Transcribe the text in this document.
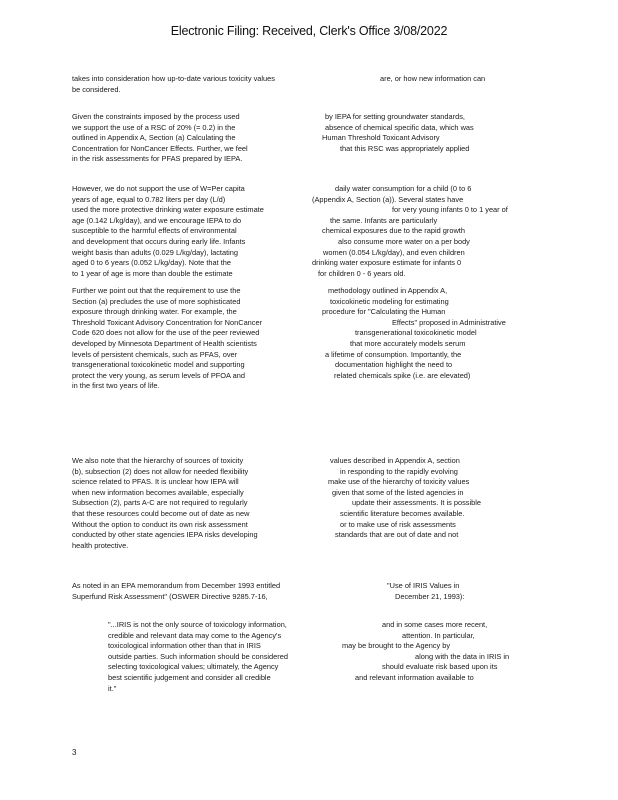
Electronic Filing: Received, Clerk's Office 3/08/2022
takes into consideration how up-to-date various toxicity values	are, or how new information can
be considered.
Given the constraints imposed by the process used	by IEPA for setting groundwater standards,
we support the use of a RSC of 20% (= 0.2) in the	absence of chemical specific data, which was
outlined in Appendix A, Section (a) Calculating the	Human Threshold Toxicant Advisory
Concentration for NonCancer Effects. Further, we feel	that this RSC was appropriately applied
in the risk assessments for PFAS prepared by IEPA.
However, we do not support the use of W=Per capita	daily water consumption for a child (0 to 6
years of age, equal to 0.782 liters per day (L/d)	(Appendix A, Section (a)). Several states have
used the more protective drinking water exposure estimate	for very young infants 0 to 1 year of
age (0.142 L/kg/day), and we encourage IEPA to do	the same. Infants are particularly
susceptible to the harmful effects of environmental	chemical exposures due to the rapid growth
and development that occurs during early life. Infants	also consume more water on a per body
weight basis than adults (0.029 L/kg/day), lactating	women (0.054 L/kg/day), and even children
aged 0 to 6 years (0.052 L/kg/day). Note that the	drinking water exposure estimate for infants 0
to 1 year of age is more than double the estimate	for children 0 - 6 years old.
Further we point out that the requirement to use the	methodology outlined in Appendix A,
Section (a) precludes the use of more sophisticated	toxicokinetic modeling for estimating
exposure through drinking water. For example, the	procedure for "Calculating the Human
Threshold Toxicant Advisory Concentration for NonCancer	Effects" proposed in Administrative
Code 620 does not allow for the use of the peer reviewed	transgenerational toxicokinetic model
developed by Minnesota Department of Health scientists	that more accurately models serum
levels of persistent chemicals, such as PFAS, over	a lifetime of consumption. Importantly, the
transgenerational toxicokinetic model and supporting	documentation highlight the need to
protect the very young, as serum levels of PFOA and	related chemicals spike (i.e. are elevated)
in the first two years of life.
We also note that the hierarchy of sources of toxicity	values described in Appendix A, section
(b), subsection (2) does not allow for needed flexibility	in responding to the rapidly evolving
science related to PFAS. It is unclear how IEPA will	make use of the hierarchy of toxicity values
when new information becomes available, especially	given that some of the listed agencies in
Subsection (2), parts A-C are not required to regularly	update their assessments. It is possible
that these resources could become out of date as new	scientific literature becomes available.
Without the option to conduct its own risk assessment	or to make use of risk assessments
conducted by other state agencies IEPA risks developing	standards that are out of date and not
health protective.
As noted in an EPA memorandum from December 1993 entitled	"Use of IRIS Values in
Superfund Risk Assessment" (OSWER Directive 9285.7-16,	December 21, 1993):
"...IRIS is not the only source of toxicology information,	and in some cases more recent,
credible and relevant data may come to the Agency's	attention. In particular,
toxicological information other than that in IRIS	may be brought to the Agency by
outside parties. Such information should be considered	along with the data in IRIS in
selecting toxicological values; ultimately, the Agency	should evaluate risk based upon its
best scientific judgement and consider all credible	and relevant information available to
it."
3
